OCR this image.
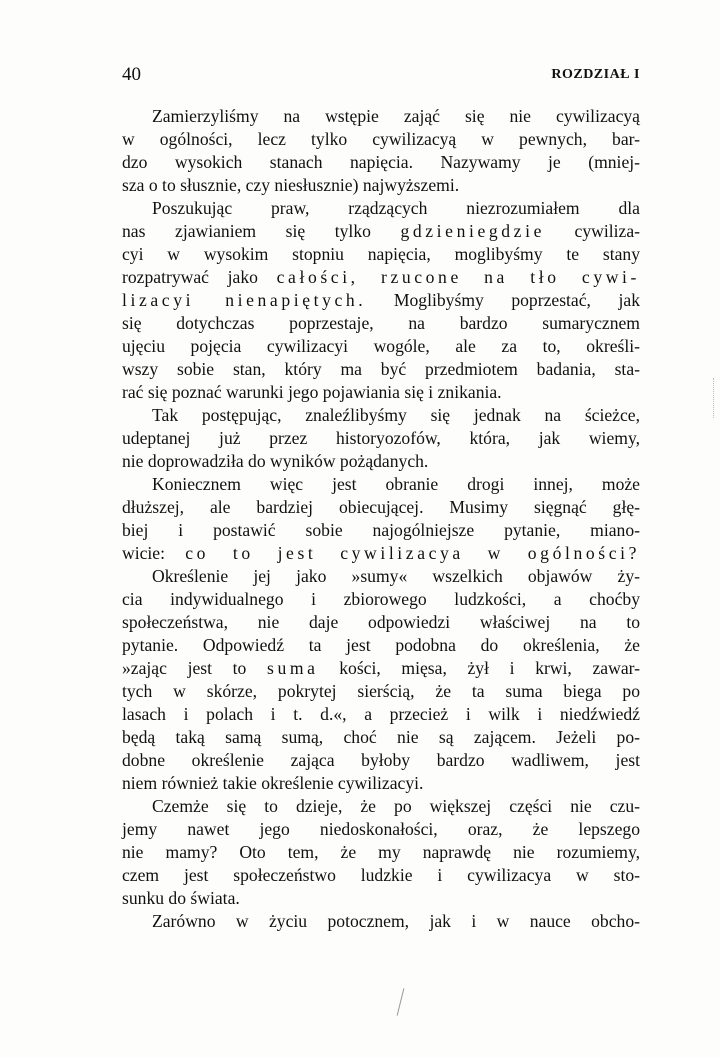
40	ROZDZIAŁ I
Zamierzyliśmy na wstępie zająć się nie cywilizacyą
w ogólności, lecz tylko cywilizacyą w pewnych, bar-
dzo wysokich stanach napięcia. Nazywamy je (mniej-
sza o to słusznie, czy niesłusznie) najwyższemi.
Poszukując praw, rządzących niezrozumiałem dla
nas zjawianiem się tylko gdzieniegdzie cywiliza-
cyi w wysokim stopniu napięcia, moglibyśmy te stany
rozpatrywać jako całości, rzucone na tło cywi-
lizacyi nienapiętych. Moglibyśmy poprzestać, jak
się dotychczas poprzestaje, na bardzo sumarycznem
ujęciu pojęcia cywilizacyi wogóle, ale za to, określi-
wszy sobie stan, który ma być przedmiotem badania, sta-
rać się poznać warunki jego pojawiania się i znikania.
Tak postępując, znaleźlibyśmy się jednak na ścieżce,
udeptanej już przez historyozofów, która, jak wiemy,
nie doprowadziła do wyników pożądanych.
Koniecznem więc jest obranie drogi innej, może
dłuższej, ale bardziej obiecującej. Musimy sięgnąć głę-
biej i postawić sobie najogólniejsze pytanie, miano-
wicie: co to jest cywilizacya w ogólności?
Określenie jej jako »sumy« wszelkich objawów ży-
cia indywidualnego i zbiorowego ludzkości, a choćby
społeczeństwa, nie daje odpowiedzi właściwej na to
pytanie. Odpowiedź ta jest podobna do określenia, że
»zając jest to suma kości, mięsa, żył i krwi, zawar-
tych w skórze, pokrytej sierścią, że ta suma biega po
lasach i polach i t. d.«, a przecież i wilk i niedźwiedź
będą taką samą sumą, choć nie są zającem. Jeżeli po-
dobne określenie zająca byłoby bardzo wadliwem, jest
niem również takie określenie cywilizacyi.
Czemże się to dzieje, że po większej części nie czu-
jemy nawet jego niedoskonałości, oraz, że lepszego
nie mamy? Oto tem, że my naprawdę nie rozumiemy,
czem jest społeczeństwo ludzkie i cywilizacya w sto-
sunku do świata.
Zarówno w życiu potocznem, jak i w nauce obcho-
